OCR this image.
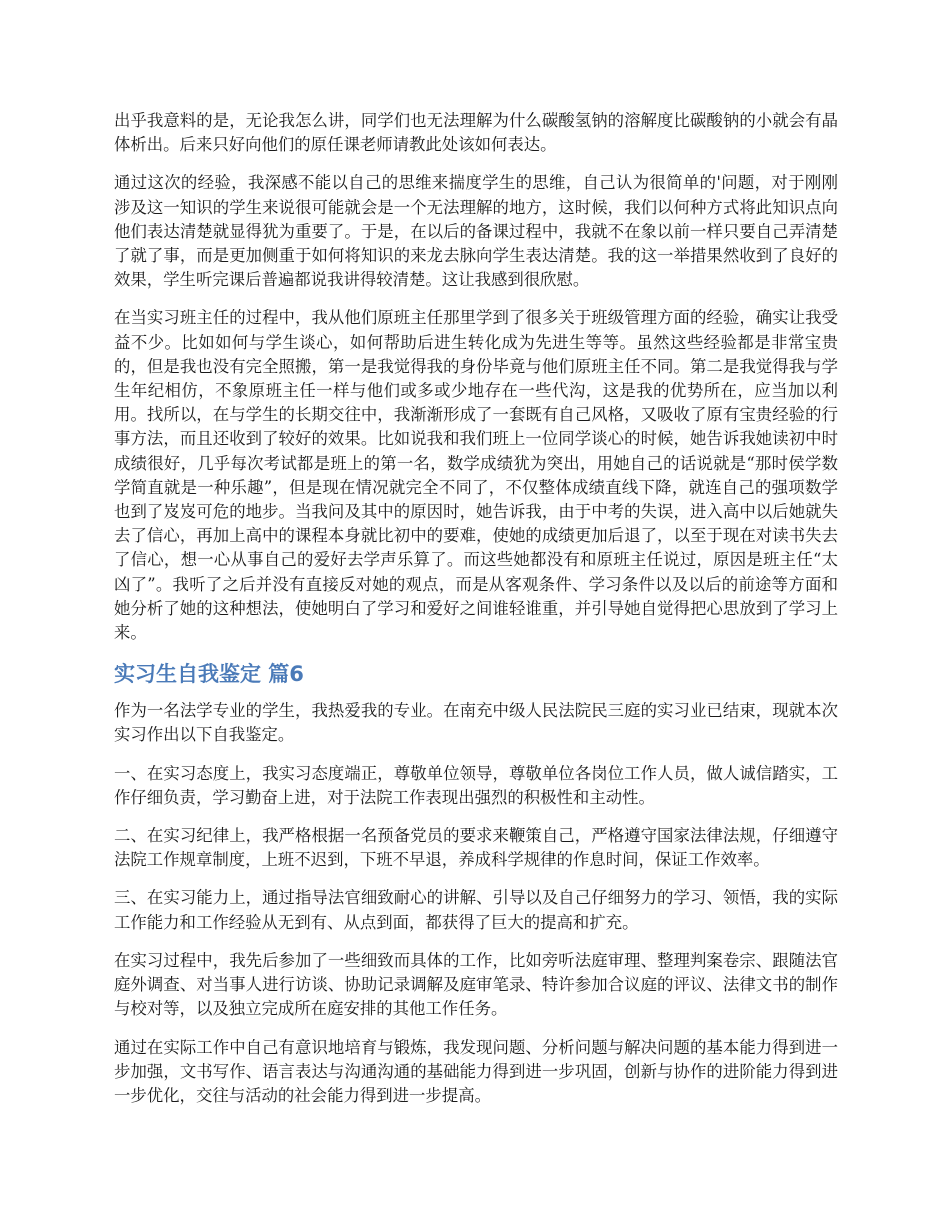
出乎我意料的是，无论我怎么讲，同学们也无法理解为什么碳酸氢钠的溶解度比碳酸钠的小就会有晶体析出。后来只好向他们的原任课老师请教此处该如何表达。

通过这次的经验，我深感不能以自己的思维来揣度学生的思维，自己认为很简单的'问题，对于刚刚涉及这一知识的学生来说很可能就会是一个无法理解的地方，这时候，我们以何种方式将此知识点向他们表达清楚就显得犹为重要了。于是，在以后的备课过程中，我就不在象以前一样只要自己弄清楚了就了事，而是更加侧重于如何将知识的来龙去脉向学生表达清楚。我的这一举措果然收到了良好的效果，学生听完课后普遍都说我讲得较清楚。这让我感到很欣慰。

在当实习班主任的过程中，我从他们原班主任那里学到了很多关于班级管理方面的经验，确实让我受益不少。比如如何与学生谈心，如何帮助后进生转化成为先进生等等。虽然这些经验都是非常宝贵的，但是我也没有完全照搬，第一是我觉得我的身份毕竟与他们原班主任不同。第二是我觉得我与学生年纪相仿，不象原班主任一样与他们或多或少地存在一些代沟，这是我的优势所在，应当加以利用。找所以，在与学生的长期交往中，我渐渐形成了一套既有自己风格，又吸收了原有宝贵经验的行事方法，而且还收到了较好的效果。比如说我和我们班上一位同学谈心的时候，她告诉我她读初中时成绩很好，几乎每次考试都是班上的第一名，数学成绩犹为突出，用她自己的话说就是“那时侯学数学简直就是一种乐趣”，但是现在情况就完全不同了，不仅整体成绩直线下降，就连自己的强项数学也到了岌岌可危的地步。当我问及其中的原因时，她告诉我，由于中考的失误，进入高中以后她就失去了信心，再加上高中的课程本身就比初中的要难，使她的成绩更加后退了，以至于现在对读书失去了信心，想一心从事自己的爱好去学声乐算了。而这些她都没有和原班主任说过，原因是班主任“太凶了”。我听了之后并没有直接反对她的观点，而是从客观条件、学习条件以及以后的前途等方面和她分析了她的这种想法，使她明白了学习和爱好之间谁轻谁重，并引导她自觉得把心思放到了学习上来。

实习生自我鉴定 篇6

作为一名法学专业的学生，我热爱我的专业。在南充中级人民法院民三庭的实习业已结束，现就本次实习作出以下自我鉴定。

一、在实习态度上，我实习态度端正，尊敬单位领导，尊敬单位各岗位工作人员，做人诚信踏实，工作仔细负责，学习勤奋上进，对于法院工作表现出强烈的积极性和主动性。

二、在实习纪律上，我严格根据一名预备党员的要求来鞭策自己，严格遵守国家法律法规，仔细遵守法院工作规章制度，上班不迟到，下班不早退，养成科学规律的作息时间，保证工作效率。

三、在实习能力上，通过指导法官细致耐心的讲解、引导以及自己仔细努力的学习、领悟，我的实际工作能力和工作经验从无到有、从点到面，都获得了巨大的提高和扩充。

在实习过程中，我先后参加了一些细致而具体的工作，比如旁听法庭审理、整理判案卷宗、跟随法官庭外调查、对当事人进行访谈、协助记录调解及庭审笔录、特许参加合议庭的评议、法律文书的制作与校对等，以及独立完成所在庭安排的其他工作任务。

通过在实际工作中自己有意识地培育与锻炼，我发现问题、分析问题与解决问题的基本能力得到进一步加强，文书写作、语言表达与沟通沟通的基础能力得到进一步巩固，创新与协作的进阶能力得到进一步优化，交往与活动的社会能力得到进一步提高。
